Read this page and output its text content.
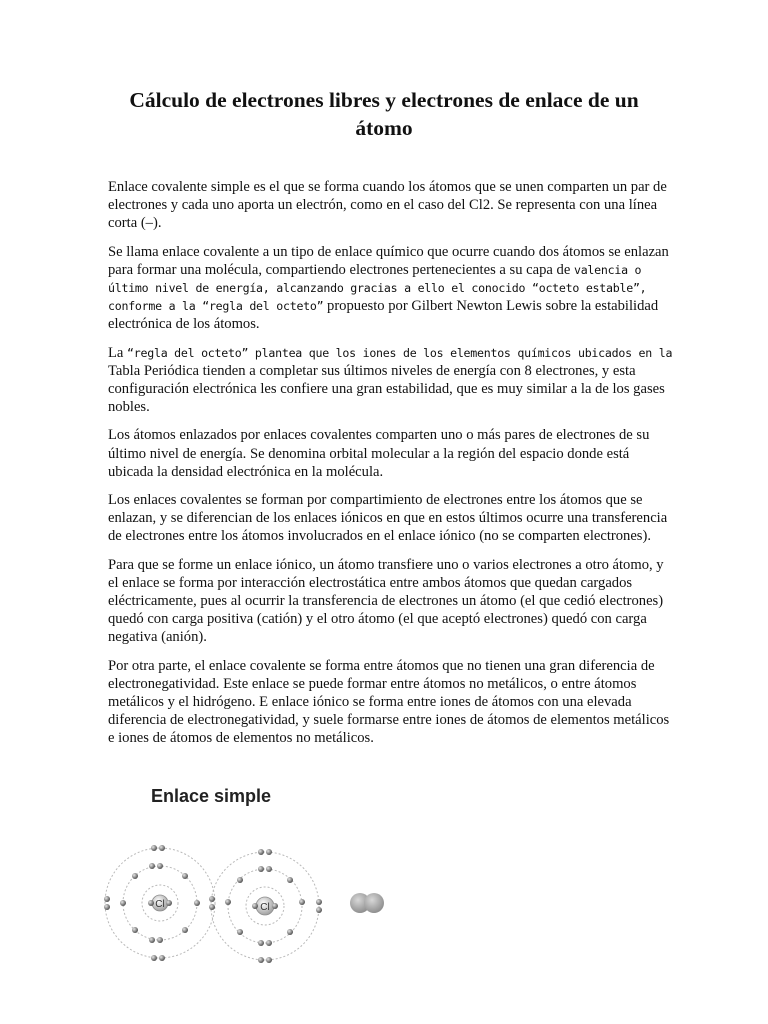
Cálculo de electrones libres y electrones de enlace de un átomo

Enlace covalente simple es el que se forma cuando los átomos que se unen comparten un par de electrones y cada uno aporta un electrón, como en el caso del Cl2. Se representa con una línea corta (–).

Se llama enlace covalente a un tipo de enlace químico que ocurre cuando dos átomos se enlazan para formar una molécula, compartiendo electrones pertenecientes a su capa de valencia o último nivel de energía, alcanzando gracias a ello el conocido “octeto estable”, conforme a la “regla del octeto” propuesto por Gilbert Newton Lewis sobre la estabilidad electrónica de los átomos.

La “regla del octeto” plantea que los iones de los elementos químicos ubicados en la Tabla Periódica tienden a completar sus últimos niveles de energía con 8 electrones, y esta configuración electrónica les confiere una gran estabilidad, que es muy similar a la de los gases nobles.

Los átomos enlazados por enlaces covalentes comparten uno o más pares de electrones de su último nivel de energía. Se denomina orbital molecular a la región del espacio donde está ubicada la densidad electrónica en la molécula.

Los enlaces covalentes se forman por compartimiento de electrones entre los átomos que se enlazan, y se diferencian de los enlaces iónicos en que en estos últimos ocurre una transferencia de electrones entre los átomos involucrados en el enlace iónico (no se comparten electrones).

Para que se forme un enlace iónico, un átomo transfiere uno o varios electrones a otro átomo, y el enlace se forma por interacción electrostática entre ambos átomos que quedan cargados eléctricamente, pues al ocurrir la transferencia de electrones un átomo (el que cedió electrones) quedó con carga positiva (catión) y el otro átomo (el que aceptó electrones) quedó con carga negativa (anión).

Por otra parte, el enlace covalente se forma entre átomos que no tienen una gran diferencia de electronegatividad. Este enlace se puede formar entre átomos no metálicos, o entre átomos metálicos y el hidrógeno. E enlace iónico se forma entre iones de átomos con una elevada diferencia de electronegatividad, y suele formarse entre iones de átomos de elementos metálicos e iones de átomos de elementos no metálicos.

Enlace simple
Cl	Cl
